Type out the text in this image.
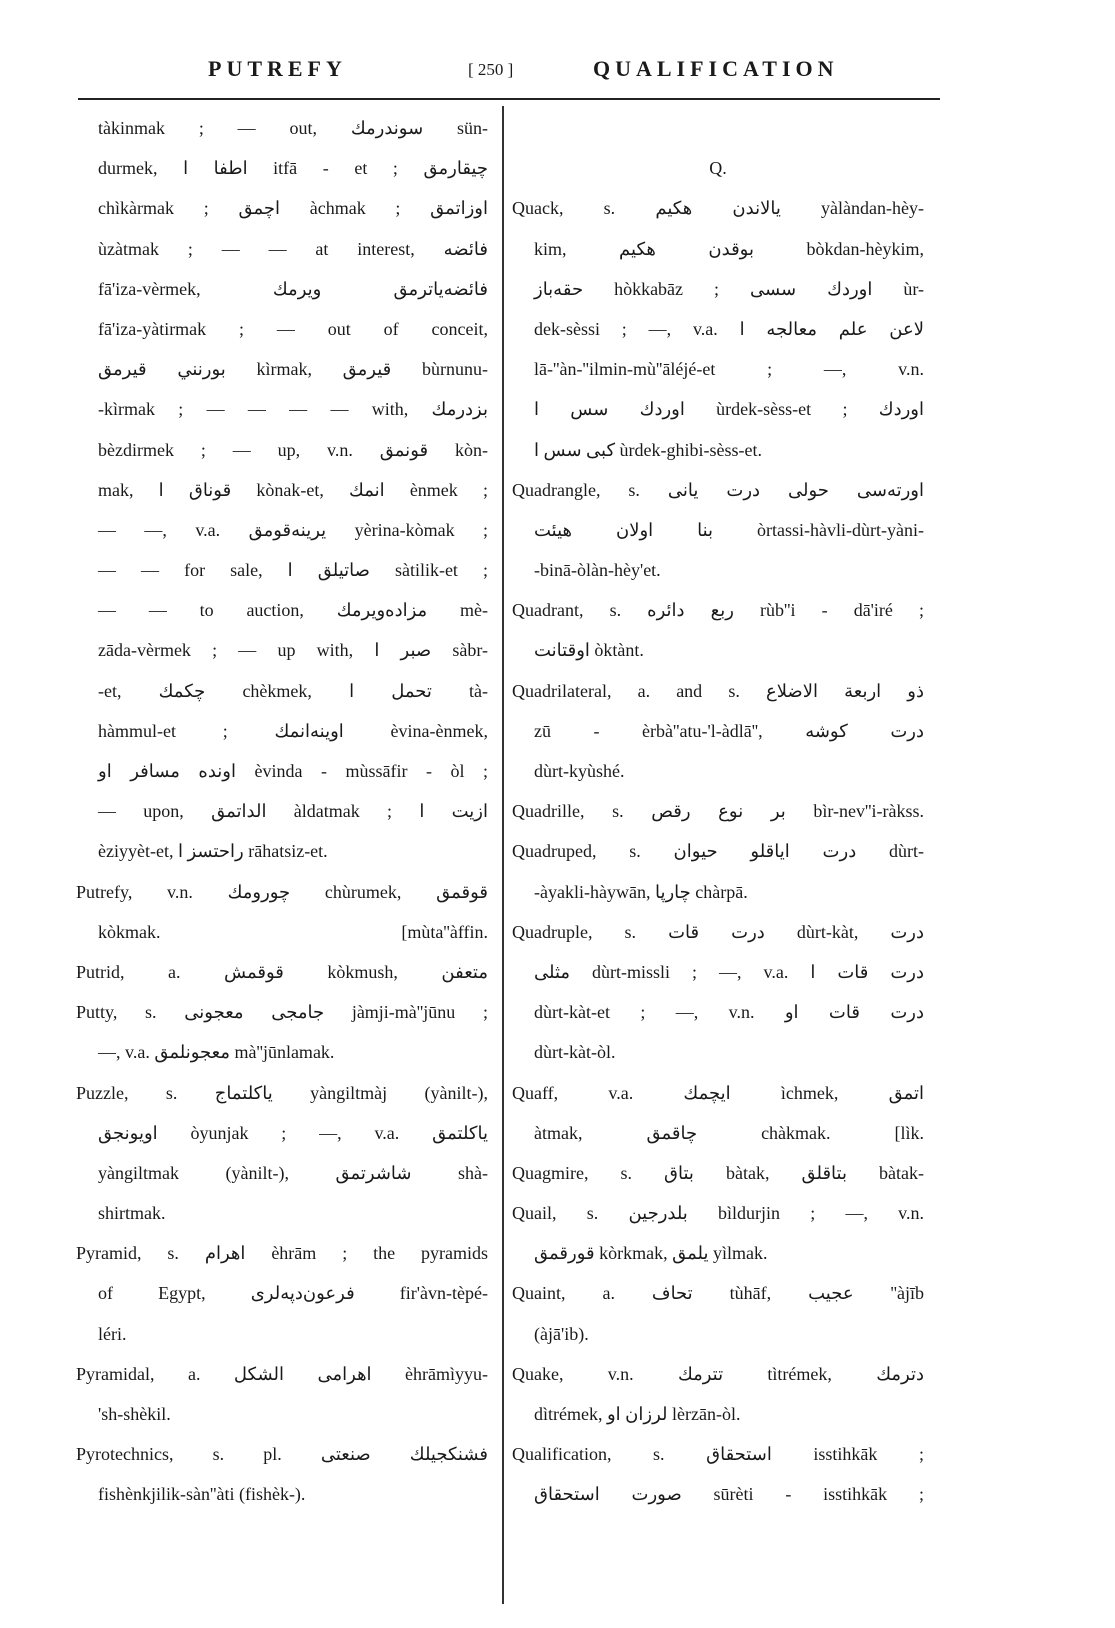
PUTREFY	[ 250 ]	QUALIFICATION
tàkinmak ; — out, سوندرمك sün-
durmek, اطفا ا itfā - et ; چیقارمق
chìkàrmak ; اچمق àchmak ; اوزاتمق
ùzàtmak ; — — at interest, فائضه
fā'iza-vèrmek, فائضه‌یاترمق ویرمك
fā'iza-yàtirmak ; — out of conceit,
بورنني قيرمق kìrmak, قيرمق bùrnunu-
-kìrmak ; — — — — with, بزدرمك
bèzdirmek ; — up, v.n. قونمق kòn-
mak, قوناق ا kònak-et, انمك ènmek ;
— —, v.a. یرینه‌قومق yèrina-kòmak ;
— — for sale, صاتيلق ا sàtilik-et ;
— — to auction, مزاده‌ویرمك mè-
zāda-vèrmek ; — up with, صبر ا sàbr-
-et, چكمك chèkmek, تحمل ا tà-
hàmmul-et ; اوینه‌انمك èvina-ènmek,
اونده مسافر او èvinda - mùssāfir - òl ;
— upon, الداتمق àldatmak ; ازیت ا
èziyyèt-et, راحتسز ا rāhatsiz-et.
Putrefy, v.n. چورومك chùrumek, قوقمق
kòkmak. [mùta''àffin.
Putrid, a. قوقمش kòkmush, متعفن
Putty, s. جامجی معجونی jàmji-mà''jūnu ;
—, v.a. معجونلمق mà''jūnlamak.
Puzzle, s. یاكلتماج yàngiltmàj (yànilt-),
اویونجق òyunjak ; —, v.a. یاكلتمق
yàngiltmak (yànilt-), شاشرتمق shà-
shirtmak.
Pyramid, s. اهرام èhrām ; the pyramids
of Egypt, فرعون‌دپه‌لری fir'àvn-tèpé-
léri.
Pyramidal, a. اهرامی الشكل èhrāmìyyu-
'sh-shèkil.
Pyrotechnics, s. pl. فشنكجيلك صنعتی
fishènkjilik-sàn''àti (fishèk-).
Q.
Quack, s. یالاندن هكیم yàlàndan-hèy-
kim, بوقدن هكیم bòkdan-hèykim,
حقه‌باز hòkkabāz ; اوردك سسی ùr-
dek-sèssi ; —, v.a. لاعن علم معالجه ا
lā-''àn-''ilmin-mù''āléjé-et ; —, v.n.
اوردك سس ا ùrdek-sèss-et ; اوردك
كبی سس ا ùrdek-ghibi-sèss-et.
Quadrangle, s. اورته‌سی حولی درت یانی
بنا اولان هیئت òrtassi-hàvli-dùrt-yàni-
-binā-òlàn-hèy'et.
Quadrant, s. ربع دائره rùb''i - dā'iré ;
اوقتانت òktànt.
Quadrilateral, a. and s. ذو اربعة الاضلاع
zū - èrbà''atu-'l-àdlā'', درت كوشه
dùrt-kyùshé.
Quadrille, s. بر نوع رقص bìr-nev''i-ràkss.
Quadruped, s. درت ایاقلو حیوان dùrt-
-àyakli-hàywān, چارپا chàrpā.
Quadruple, s. درت قات dùrt-kàt, درت
مثلی dùrt-missli ; —, v.a. درت قات ا
dùrt-kàt-et ; —, v.n. درت قات او
dùrt-kàt-òl.
Quaff, v.a. ایچمك ìchmek, اتمق
àtmak, چاقمق chàkmak. [lìk.
Quagmire, s. بتاق bàtak, بتاقلق bàtak-
Quail, s. بلدرجین bìldurjin ; —, v.n.
قورقمق kòrkmak, یلمق yìlmak.
Quaint, a. تحاف tùhāf, عجیب ''àjīb
(àjā'ib).
Quake, v.n. تترمك tìtrémek, دترمك
dìtrémek, لرزان او lèrzān-òl.
Qualification, s. استحقاق isstihkāk ;
صورت استحقاق sūrèti - isstihkāk ;
